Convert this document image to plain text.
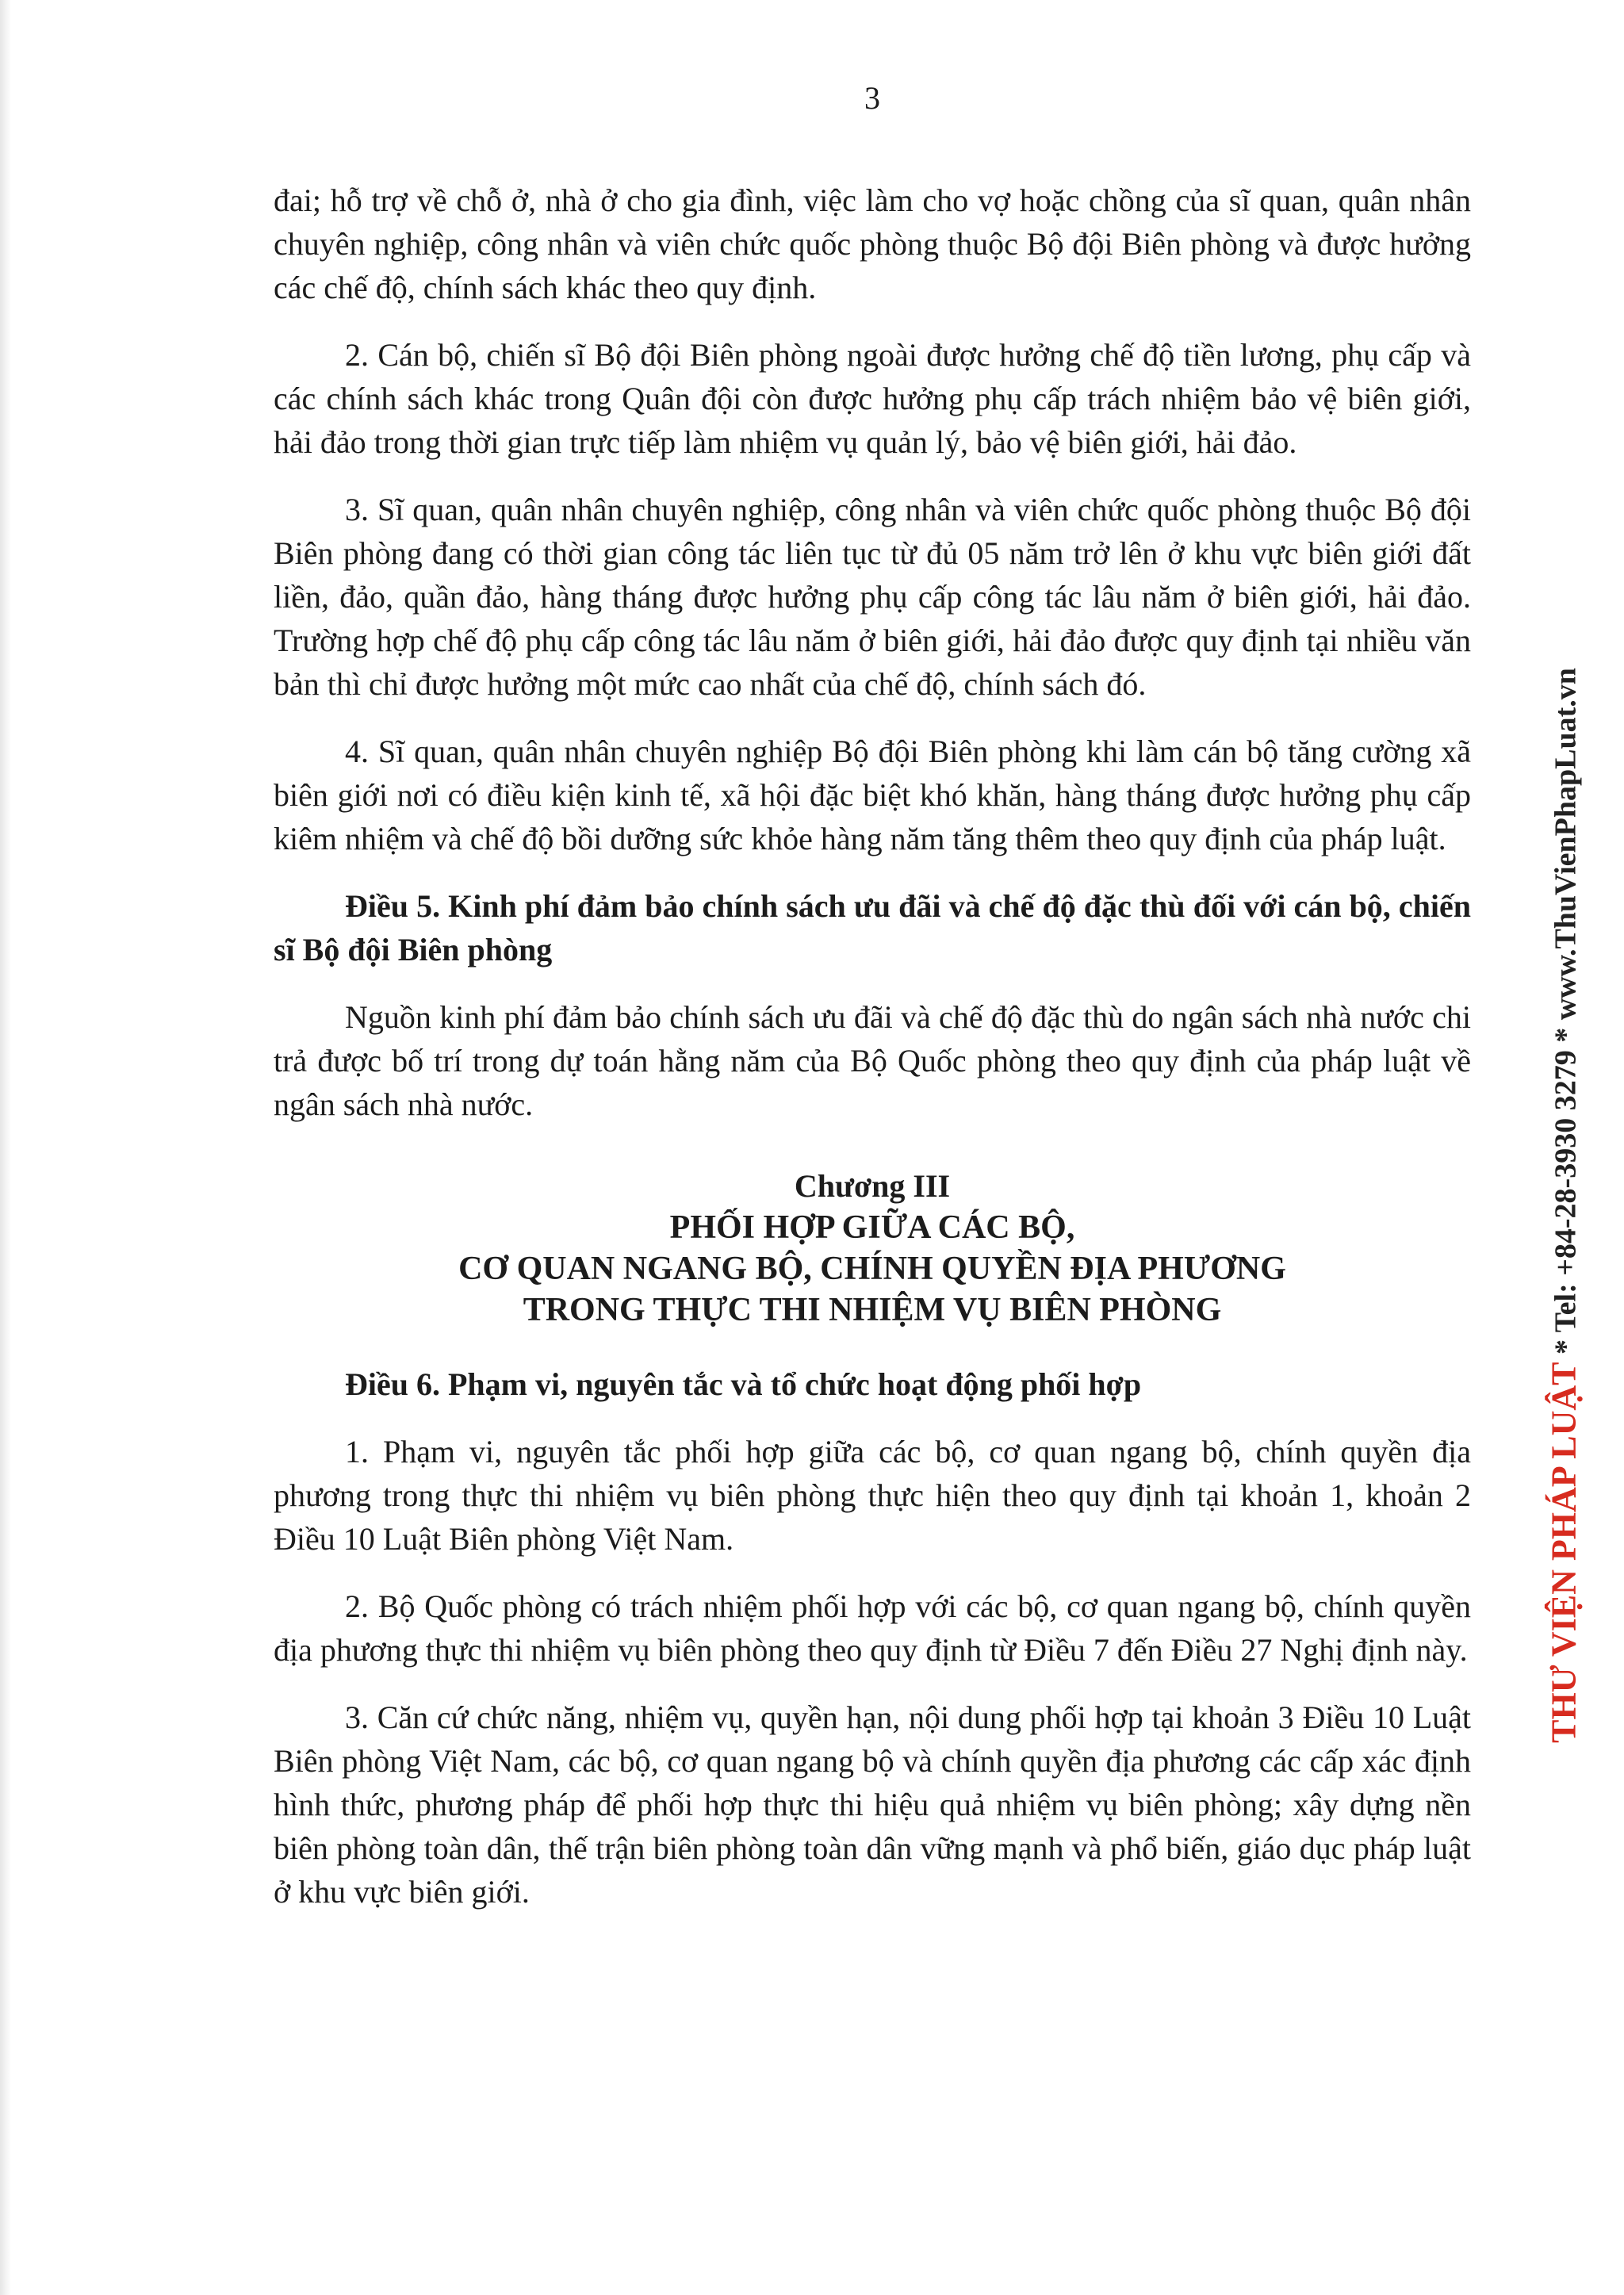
3

đai; hỗ trợ về chỗ ở, nhà ở cho gia đình, việc làm cho vợ hoặc chồng của sĩ quan, quân nhân chuyên nghiệp, công nhân và viên chức quốc phòng thuộc Bộ đội Biên phòng và được hưởng các chế độ, chính sách khác theo quy định.

2. Cán bộ, chiến sĩ Bộ đội Biên phòng ngoài được hưởng chế độ tiền lương, phụ cấp và các chính sách khác trong Quân đội còn được hưởng phụ cấp trách nhiệm bảo vệ biên giới, hải đảo trong thời gian trực tiếp làm nhiệm vụ quản lý, bảo vệ biên giới, hải đảo.

3. Sĩ quan, quân nhân chuyên nghiệp, công nhân và viên chức quốc phòng thuộc Bộ đội Biên phòng đang có thời gian công tác liên tục từ đủ 05 năm trở lên ở khu vực biên giới đất liền, đảo, quần đảo, hàng tháng được hưởng phụ cấp công tác lâu năm ở biên giới, hải đảo. Trường hợp chế độ phụ cấp công tác lâu năm ở biên giới, hải đảo được quy định tại nhiều văn bản thì chỉ được hưởng một mức cao nhất của chế độ, chính sách đó.

4. Sĩ quan, quân nhân chuyên nghiệp Bộ đội Biên phòng khi làm cán bộ tăng cường xã biên giới nơi có điều kiện kinh tế, xã hội đặc biệt khó khăn, hàng tháng được hưởng phụ cấp kiêm nhiệm và chế độ bồi dưỡng sức khỏe hàng năm tăng thêm theo quy định của pháp luật.

Điều 5. Kinh phí đảm bảo chính sách ưu đãi và chế độ đặc thù đối với cán bộ, chiến sĩ Bộ đội Biên phòng

Nguồn kinh phí đảm bảo chính sách ưu đãi và chế độ đặc thù do ngân sách nhà nước chi trả được bố trí trong dự toán hằng năm của Bộ Quốc phòng theo quy định của pháp luật về ngân sách nhà nước.

Chương III
PHỐI HỢP GIỮA CÁC BỘ,
CƠ QUAN NGANG BỘ, CHÍNH QUYỀN ĐỊA PHƯƠNG
TRONG THỰC THI NHIỆM VỤ BIÊN PHÒNG
Điều 6. Phạm vi, nguyên tắc và tổ chức hoạt động phối hợp

1. Phạm vi, nguyên tắc phối hợp giữa các bộ, cơ quan ngang bộ, chính quyền địa phương trong thực thi nhiệm vụ biên phòng thực hiện theo quy định tại khoản 1, khoản 2 Điều 10 Luật Biên phòng Việt Nam.

2. Bộ Quốc phòng có trách nhiệm phối hợp với các bộ, cơ quan ngang bộ, chính quyền địa phương thực thi nhiệm vụ biên phòng theo quy định từ Điều 7 đến Điều 27 Nghị định này.

3. Căn cứ chức năng, nhiệm vụ, quyền hạn, nội dung phối hợp tại khoản 3 Điều 10 Luật Biên phòng Việt Nam, các bộ, cơ quan ngang bộ và chính quyền địa phương các cấp xác định hình thức, phương pháp để phối hợp thực thi hiệu quả nhiệm vụ biên phòng; xây dựng nền biên phòng toàn dân, thế trận biên phòng toàn dân vững mạnh và phổ biến, giáo dục pháp luật ở khu vực biên giới.

THƯ VIỆN PHÁP LUẬT * Tel: +84-28-3930 3279 * www.ThuVienPhapLuat.vn
